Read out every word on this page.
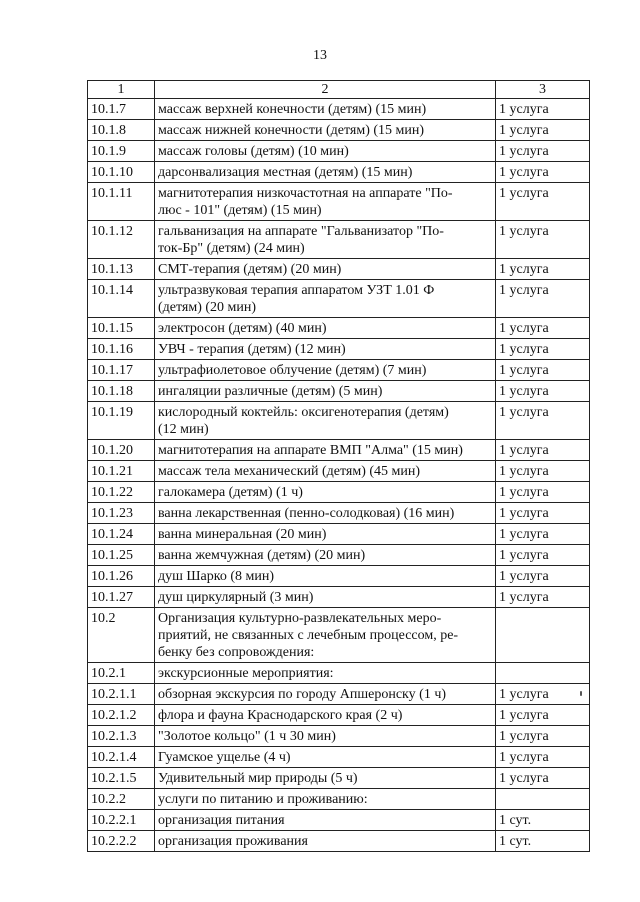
13
1	2	3
10.1.7	массаж верхней конечности (детям) (15 мин)	1 услуга
10.1.8	массаж нижней конечности (детям) (15 мин)	1 услуга
10.1.9	массаж головы (детям) (10 мин)	1 услуга
10.1.10	дарсонвализация местная (детям) (15 мин)	1 услуга
10.1.11	магнитотерапия низкочастотная на аппарате "По-
люс - 101" (детям) (15 мин)	1 услуга
10.1.12	гальванизация на аппарате "Гальванизатор "По-
ток-Бр" (детям) (24 мин)	1 услуга
10.1.13	СМТ-терапия (детям) (20 мин)	1 услуга
10.1.14	ультразвуковая терапия аппаратом УЗТ 1.01 Ф
(детям) (20 мин)	1 услуга
10.1.15	электросон (детям) (40 мин)	1 услуга
10.1.16	УВЧ - терапия (детям) (12 мин)	1 услуга
10.1.17	ультрафиолетовое облучение (детям) (7 мин)	1 услуга
10.1.18	ингаляции различные (детям) (5 мин)	1 услуга
10.1.19	кислородный коктейль: оксигенотерапия (детям)
(12 мин)	1 услуга
10.1.20	магнитотерапия на аппарате ВМП "Алма" (15 мин)	1 услуга
10.1.21	массаж тела механический (детям) (45 мин)	1 услуга
10.1.22	галокамера (детям) (1 ч)	1 услуга
10.1.23	ванна лекарственная (пенно-солодковая) (16 мин)	1 услуга
10.1.24	ванна минеральная (20 мин)	1 услуга
10.1.25	ванна жемчужная (детям) (20 мин)	1 услуга
10.1.26	душ Шарко (8 мин)	1 услуга
10.1.27	душ циркулярный (3 мин)	1 услуга
10.2	Организация культурно-развлекательных меро-
приятий, не связанных с лечебным процессом, ре-
бенку без сопровождения:	
10.2.1	экскурсионные мероприятия:	
10.2.1.1	обзорная экскурсия по городу Апшеронску (1 ч)	1 услуга
10.2.1.2	флора и фауна Краснодарского края (2 ч)	1 услуга
10.2.1.3	"Золотое кольцо" (1 ч 30 мин)	1 услуга
10.2.1.4	Гуамское ущелье (4 ч)	1 услуга
10.2.1.5	Удивительный мир природы (5 ч)	1 услуга
10.2.2	услуги по питанию и проживанию:	
10.2.2.1	организация питания	1 сут.
10.2.2.2	организация проживания	1 сут.
